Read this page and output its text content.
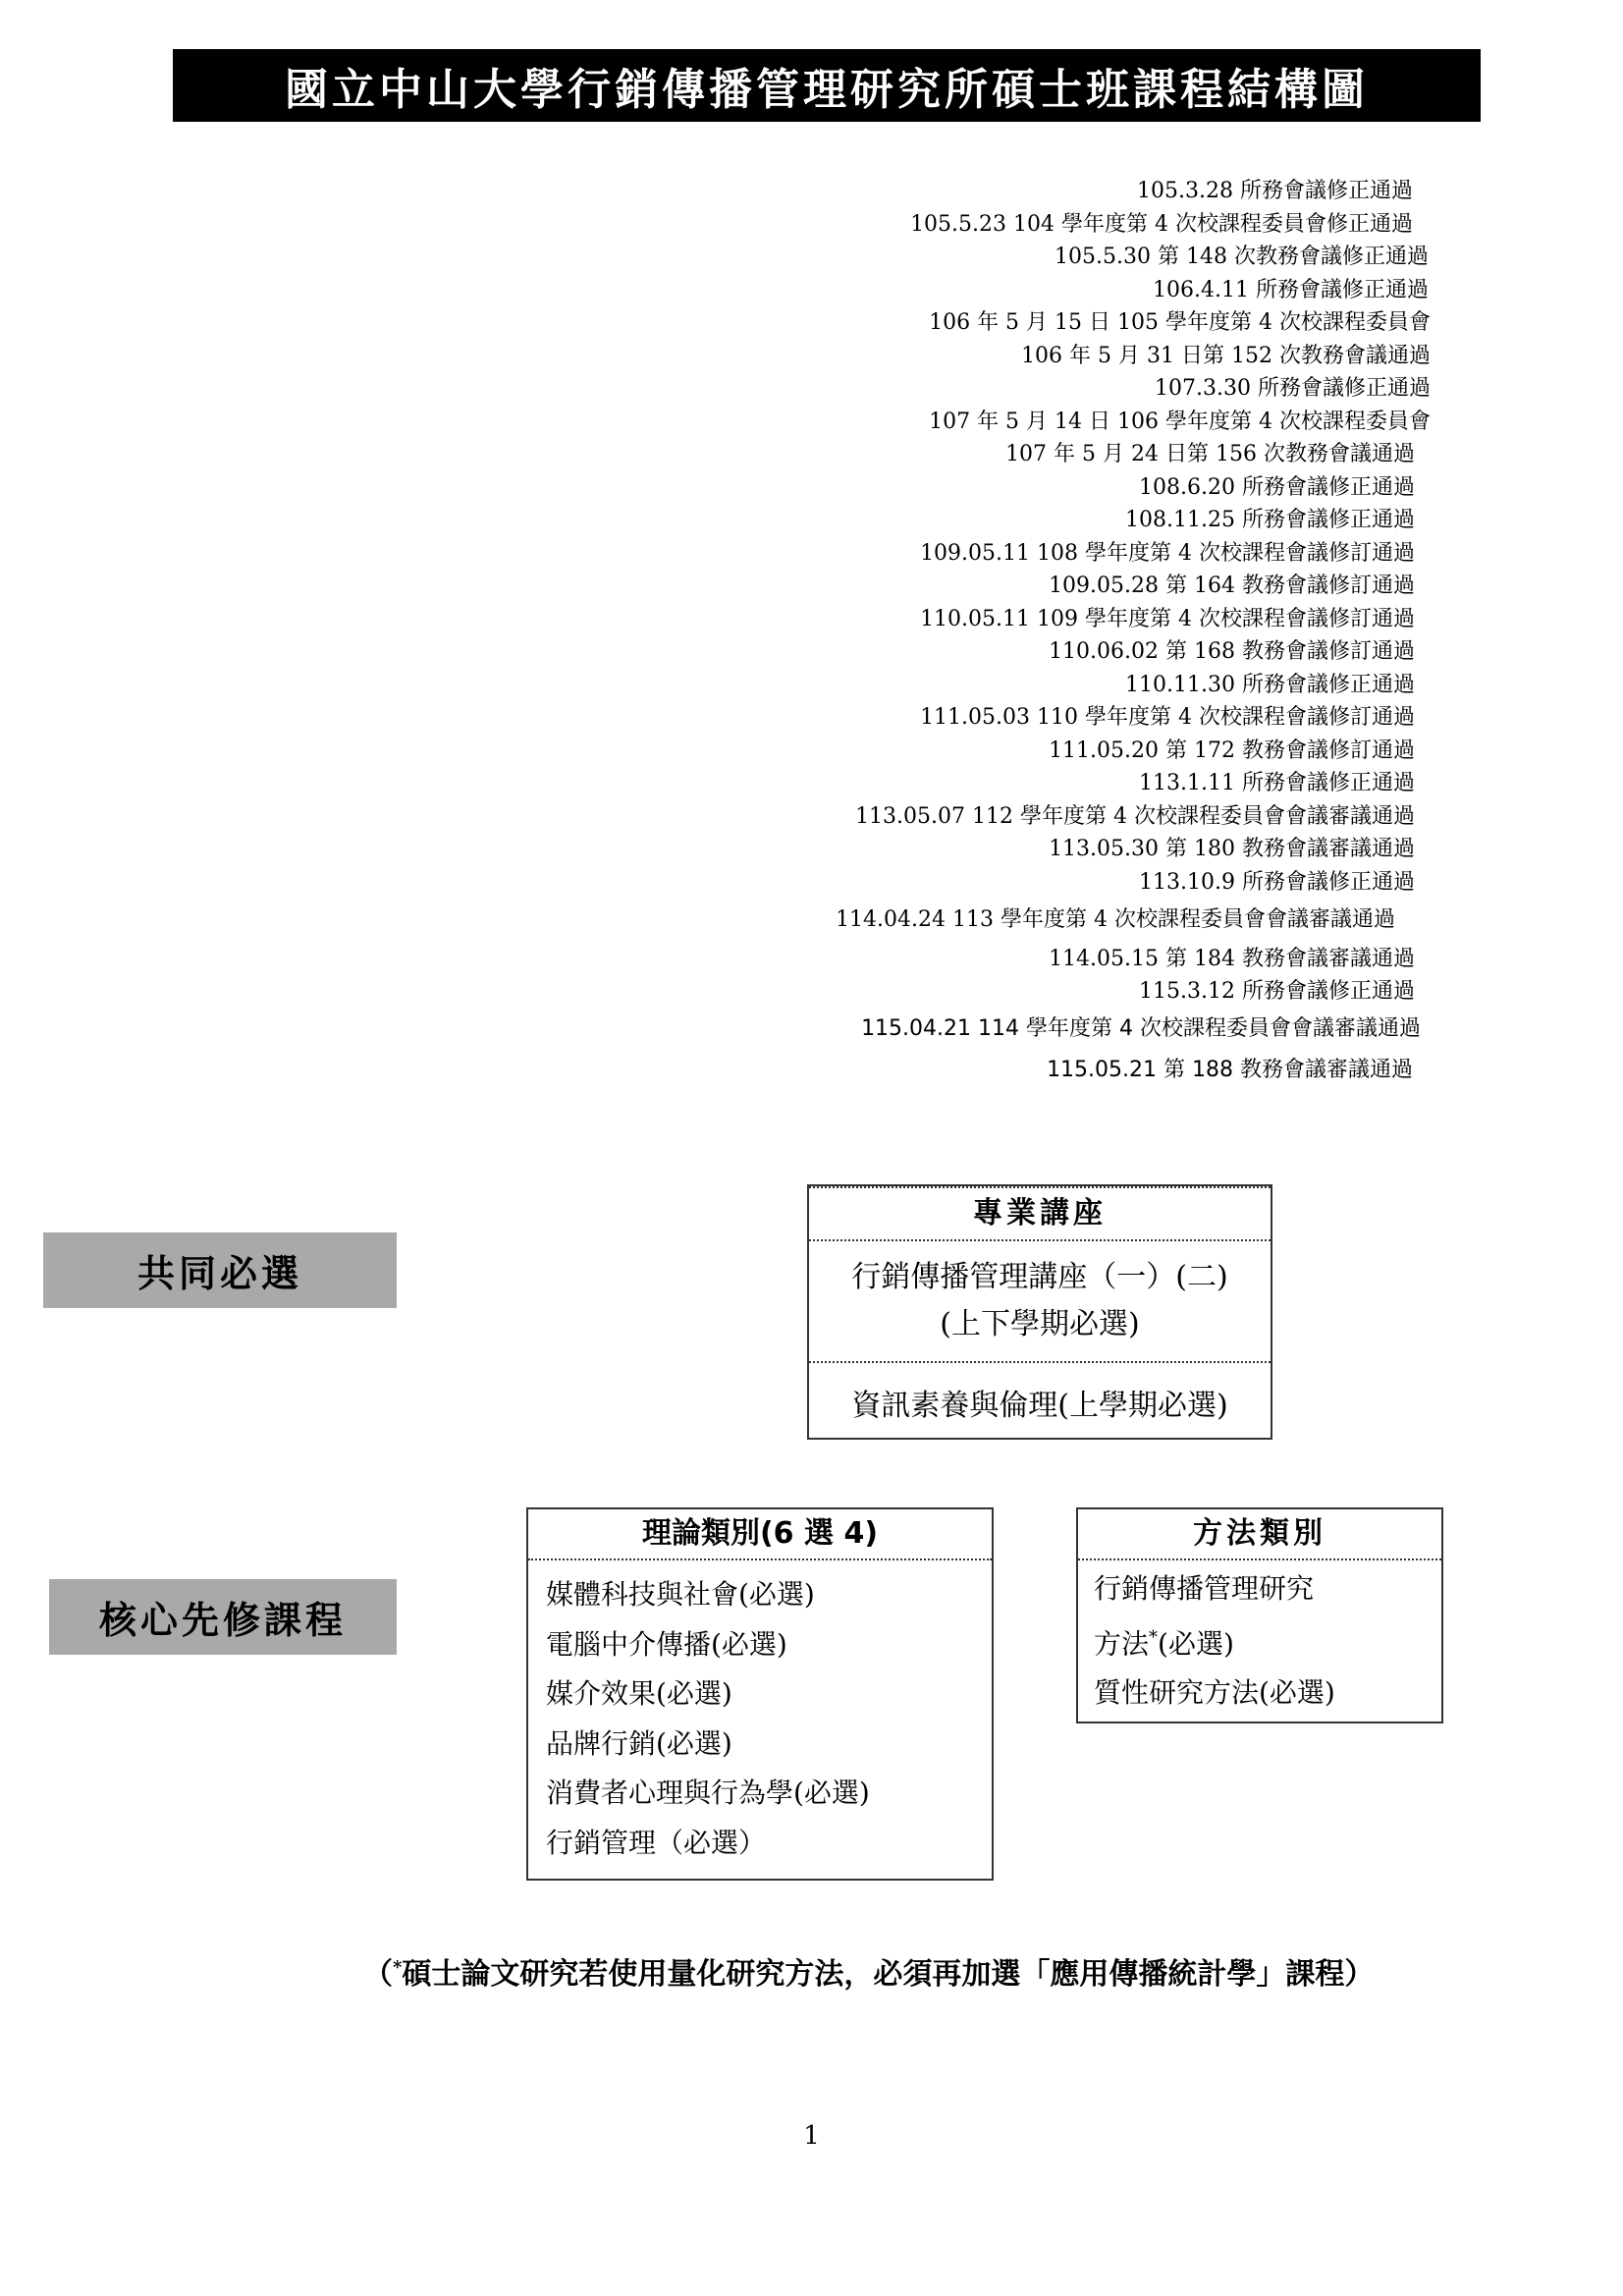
國立中山大學行銷傳播管理研究所碩士班課程結構圖
105.3.28 所務會議修正通過
105.5.23 104 學年度第 4 次校課程委員會修正通過
105.5.30 第 148 次教務會議修正通過
106.4.11 所務會議修正通過
106 年 5 月 15 日 105 學年度第 4 次校課程委員會
106 年 5 月 31 日第 152 次教務會議通過
107.3.30 所務會議修正通過
107 年 5 月 14 日 106 學年度第 4 次校課程委員會
107 年 5 月 24 日第 156 次教務會議通過
108.6.20 所務會議修正通過
108.11.25 所務會議修正通過
109.05.11 108 學年度第 4 次校課程會議修訂通過
109.05.28 第 164 教務會議修訂通過
110.05.11 109 學年度第 4 次校課程會議修訂通過
110.06.02 第 168 教務會議修訂通過
110.11.30 所務會議修正通過
111.05.03 110 學年度第 4 次校課程會議修訂通過
111.05.20 第 172 教務會議修訂通過
113.1.11 所務會議修正通過
113.05.07 112 學年度第 4 次校課程委員會會議審議通過
113.05.30 第 180 教務會議審議通過
113.10.9 所務會議修正通過
114.04.24 113 學年度第 4 次校課程委員會會議審議通過
114.05.15 第 184 教務會議審議通過
115.3.12 所務會議修正通過
115.04.21 114 學年度第 4 次校課程委員會會議審議通過
115.05.21 第 188 教務會議審議通過
共同必選
核心先修課程
專業講座
行銷傳播管理講座（一）(二)
(上下學期必選)
資訊素養與倫理(上學期必選)
理論類別(6 選 4)
媒體科技與社會(必選)
電腦中介傳播(必選)
媒介效果(必選)
品牌行銷(必選)
消費者心理與行為學(必選)
行銷管理（必選）
方法類別
行銷傳播管理研究
方法*(必選)
質性研究方法(必選)
（*碩士論文研究若使用量化研究方法，必須再加選「應用傳播統計學」課程）
1
